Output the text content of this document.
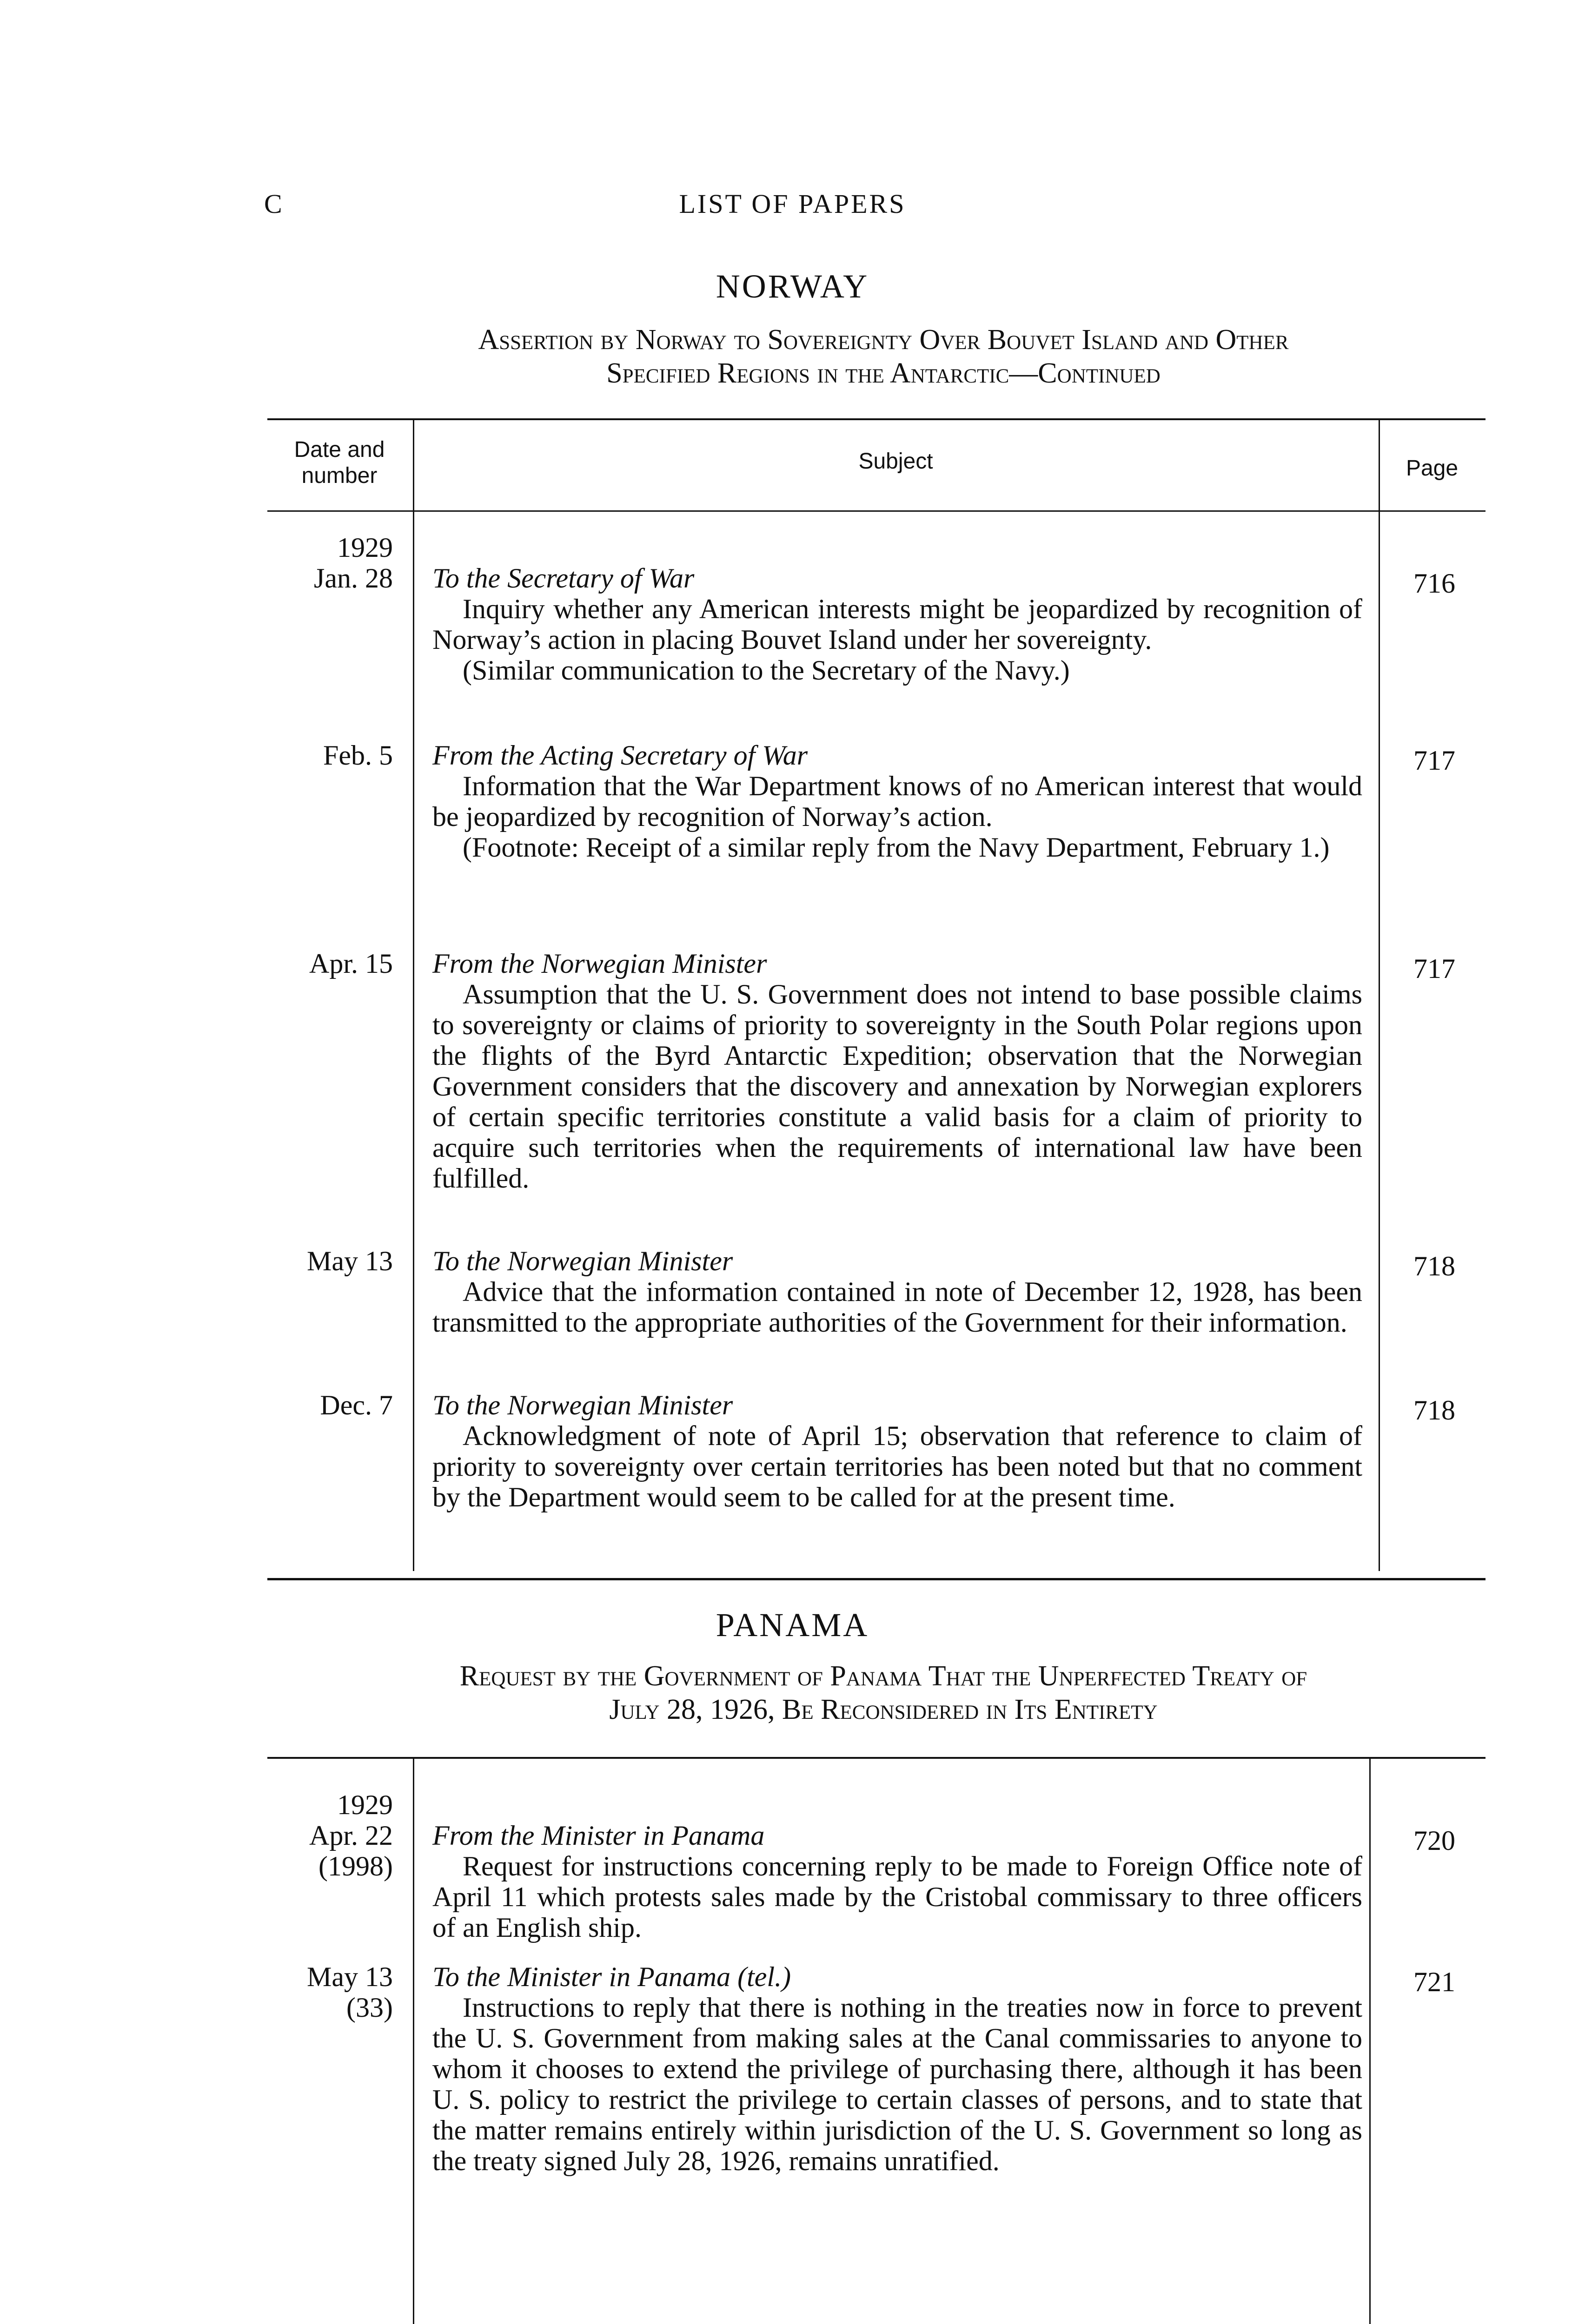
C	LIST OF PAPERS
NORWAY
Assertion by Norway to Sovereignty Over Bouvet Island and Other
Specified Regions in the Antarctic—Continued
Date and number
Subject	Page
1929
Jan. 28 To the Secretary of War

Inquiry whether any American interests might be jeopardized by recognition of Norway’s action in placing Bouvet Island under her sovereignty.

(Similar communication to the Secretary of the Navy.)

716
Feb. 5 From the Acting Secretary of War

Information that the War Department knows of no American interest that would be jeopardized by recognition of Norway’s action.

(Footnote: Receipt of a similar reply from the Navy Department, February 1.)

717
Apr. 15 From the Norwegian Minister

Assumption that the U. S. Government does not intend to base possible claims to sovereignty or claims of priority to sovereignty in the South Polar regions upon the flights of the Byrd Antarctic Expedition; observation that the Norwegian Government considers that the discovery and annexation by Norwegian explorers of certain specific territories constitute a valid basis for a claim of priority to acquire such territories when the requirements of international law have been fulfilled.

717
May 13 To the Norwegian Minister

Advice that the information contained in note of December 12, 1928, has been transmitted to the appropriate authorities of the Government for their information.

718
Dec. 7 To the Norwegian Minister

Acknowledgment of note of April 15; observation that reference to claim of priority to sovereignty over certain territories has been noted but that no comment by the Department would seem to be called for at the present time.

718
PANAMA
Request by the Government of Panama That the Unperfected Treaty of
July 28, 1926, Be Reconsidered in Its Entirety
1929
Apr. 22
(1998)

From the Minister in Panama

Request for instructions concerning reply to be made to Foreign Office note of April 11 which protests sales made by the Cristobal commissary to three officers of an English ship.

720
May 13
(33)

To the Minister in Panama (tel.)

Instructions to reply that there is nothing in the treaties now in force to prevent the U. S. Government from making sales at the Canal commissaries to anyone to whom it chooses to extend the privilege of purchasing there, although it has been U. S. policy to restrict the privilege to certain classes of persons, and to state that the matter remains entirely within jurisdiction of the U. S. Government so long as the treaty signed July 28, 1926, remains unratified.

721
